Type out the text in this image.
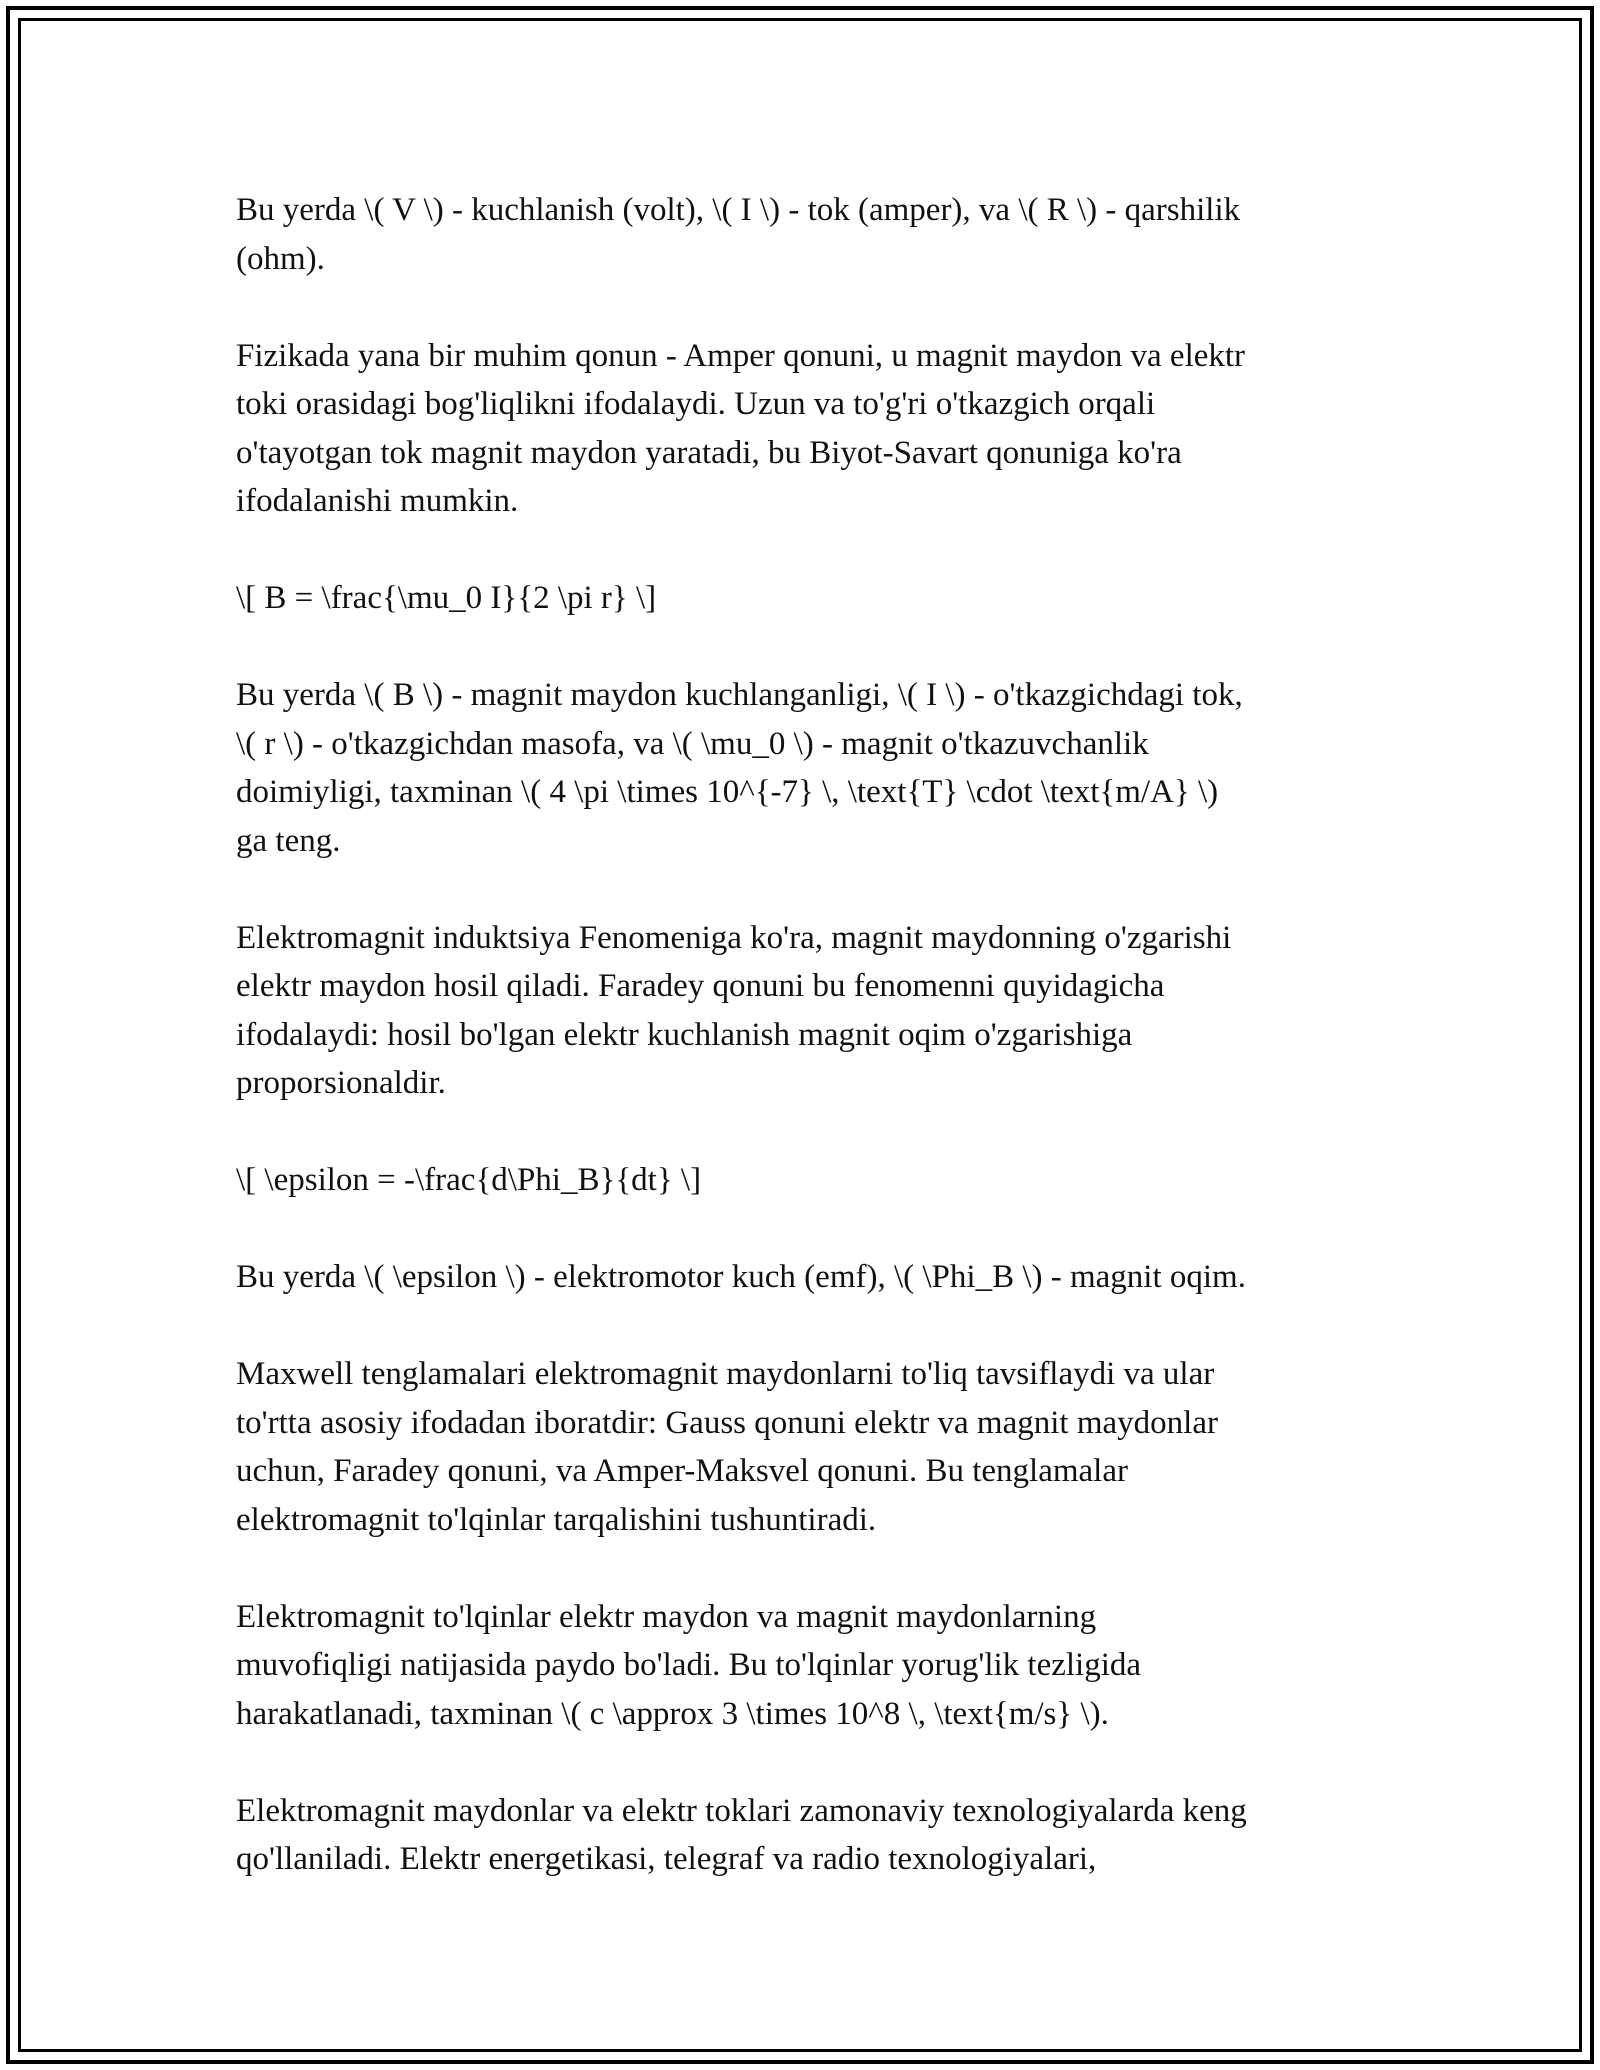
Bu yerda \( V \) - kuchlanish (volt), \( I \) - tok (amper), va \( R \) - qarshilik
(ohm).

Fizikada yana bir muhim qonun - Amper qonuni, u magnit maydon va elektr
toki orasidagi bog'liqlikni ifodalaydi. Uzun va to'g'ri o'tkazgich orqali
o'tayotgan tok magnit maydon yaratadi, bu Biyot-Savart qonuniga ko'ra
ifodalanishi mumkin.

\[ B = \frac{\mu_0 I}{2 \pi r} \]

Bu yerda \( B \) - magnit maydon kuchlanganligi, \( I \) - o'tkazgichdagi tok,
\( r \) - o'tkazgichdan masofa, va \( \mu_0 \) - magnit o'tkazuvchanlik
doimiyligi, taxminan \( 4 \pi \times 10^{-7} \, \text{T} \cdot \text{m/A} \)
ga teng.

Elektromagnit induktsiya Fenomeniga ko'ra, magnit maydonning o'zgarishi
elektr maydon hosil qiladi. Faradey qonuni bu fenomenni quyidagicha
ifodalaydi: hosil bo'lgan elektr kuchlanish magnit oqim o'zgarishiga
proporsionaldir.

\[ \epsilon = -\frac{d\Phi_B}{dt} \]

Bu yerda \( \epsilon \) - elektromotor kuch (emf), \( \Phi_B \) - magnit oqim.

Maxwell tenglamalari elektromagnit maydonlarni to'liq tavsiflaydi va ular
to'rtta asosiy ifodadan iboratdir: Gauss qonuni elektr va magnit maydonlar
uchun, Faradey qonuni, va Amper-Maksvel qonuni. Bu tenglamalar
elektromagnit to'lqinlar tarqalishini tushuntiradi.

Elektromagnit to'lqinlar elektr maydon va magnit maydonlarning
muvofiqligi natijasida paydo bo'ladi. Bu to'lqinlar yorug'lik tezligida
harakatlanadi, taxminan \( c \approx 3 \times 10^8 \, \text{m/s} \).

Elektromagnit maydonlar va elektr toklari zamonaviy texnologiyalarda keng
qo'llaniladi. Elektr energetikasi, telegraf va radio texnologiyalari,
